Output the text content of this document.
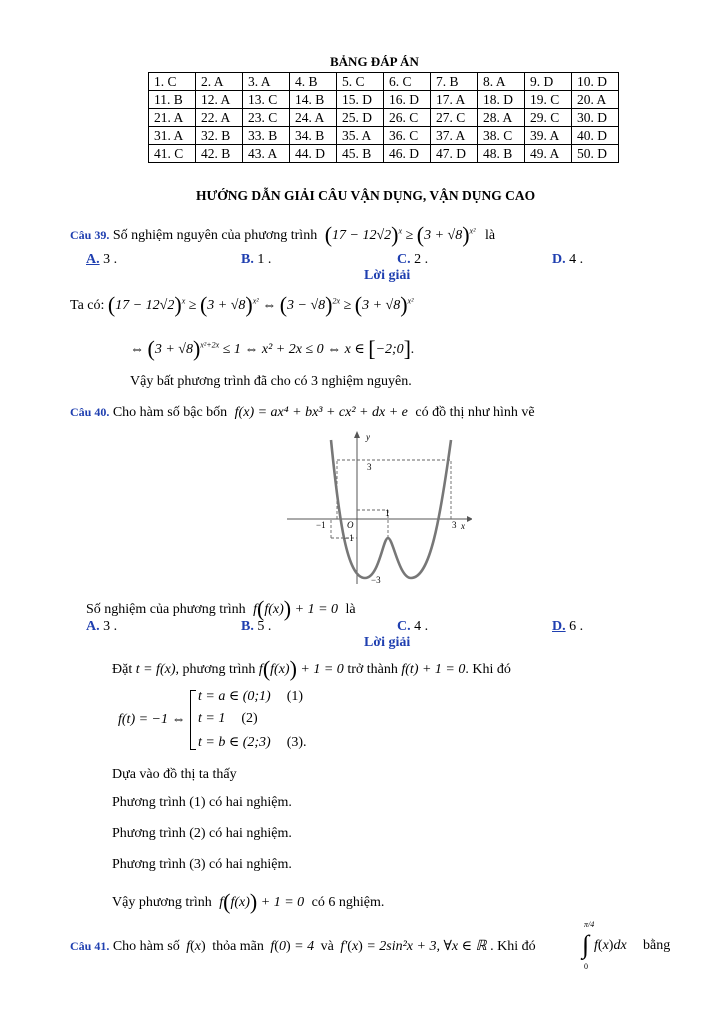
BẢNG ĐÁP ÁN
1. C	2. A	3. A	4. B	5. C	6. C	7. B	8. A	9. D	10. D
11. B	12. A	13. C	14. B	15. D	16. D	17. A	18. D	19. C	20. A
21. A	22. A	23. C	24. A	25. D	26. C	27. C	28. A	29. C	30. D
31. A	32. B	33. B	34. B	35. A	36. C	37. A	38. C	39. A	40. D
41. C	42. B	43. A	44. D	45. B	46. D	47. D	48. B	49. A	50. D
HƯỚNG DẪN GIẢI CÂU VẬN DỤNG, VẬN DỤNG CAO
Câu 39. Số nghiệm nguyên của phương trình $(17 - 12√2)^x \ge (3 + √8)^{x^2}$ là
A. 3 .	B. 1 .	C. 2 .	D. 4 .
Lời giải
Ta có: $(17 - 12√2)^x \ge (3 + √8)^{x^2}$ ⇔ $(3 - √8)^{2x} \ge (3 + √8)^{x^2}$
⇔ $(3 + √8)^{x^2+2x} \le 1$ ⇔ x² + 2x ≤ 0 ⇔ x ∈ [−2;0].
Vậy bất phương trình đã cho có 3 nghiệm nguyên.
Câu 40. Cho hàm số bậc bốn f(x) = ax⁴ + bx³ + cx² + dx + e có đồ thị như hình vẽ
y
x
O
−1
3
1
−1
−3
3
Số nghiệm của phương trình f(f(x)) + 1 = 0 là
A. 3 .	B. 5 .	C. 4 .	D. 6 .
Lời giải
Đặt t = f(x), phương trình f(f(x)) + 1 = 0 trở thành f(t) + 1 = 0. Khi đó
f(t) = −1 ⇔
t = a ∈ (0;1) (1)
t = 1 (2)
t = b ∈ (2;3) (3).
Dựa vào đồ thị ta thấy
Phương trình (1) có hai nghiệm.
Phương trình (2) có hai nghiệm.
Phương trình (3) có hai nghiệm.
Vậy phương trình f(f(x)) + 1 = 0 có 6 nghiệm.
Câu 41. Cho hàm số f(x) thỏa mãn f(0) = 4 và f′(x) = 2sin²x + 3, ∀x ∈ ℝ . Khi đó
π/4
∫
0
f(x)dx bằng
